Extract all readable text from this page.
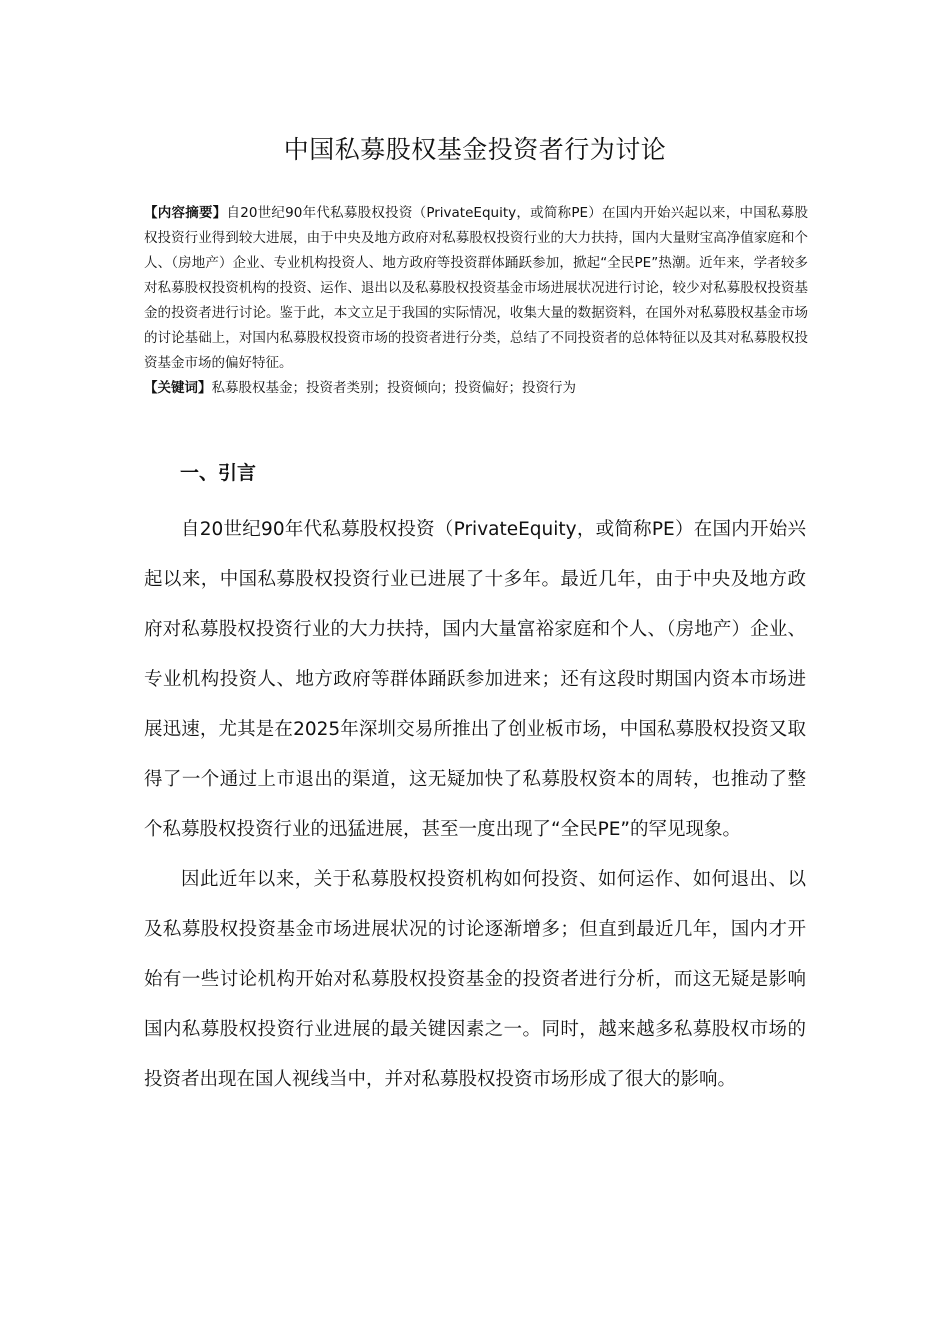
中国私募股权基金投资者行为讨论

【内容摘要】自20世纪90年代私募股权投资（PrivateEquity，或简称PE）在国内开始兴起以来，中国私募股权投资行业得到较大进展，由于中央及地方政府对私募股权投资行业的大力扶持，国内大量财宝高净值家庭和个人、（房地产）企业、专业机构投资人、地方政府等投资群体踊跃参加，掀起“全民PE”热潮。近年来，学者较多对私募股权投资机构的投资、运作、退出以及私募股权投资基金市场进展状况进行讨论，较少对私募股权投资基金的投资者进行讨论。鉴于此，本文立足于我国的实际情况，收集大量的数据资料，在国外对私募股权基金市场的讨论基础上，对国内私募股权投资市场的投资者进行分类，总结了不同投资者的总体特征以及其对私募股权投资基金市场的偏好特征。

【关键词】私募股权基金；投资者类别；投资倾向；投资偏好；投资行为

一、引言

自20世纪90年代私募股权投资（PrivateEquity，或简称PE）在国内开始兴起以来，中国私募股权投资行业已进展了十多年。最近几年，由于中央及地方政府对私募股权投资行业的大力扶持，国内大量富裕家庭和个人、（房地产）企业、专业机构投资人、地方政府等群体踊跃参加进来；还有这段时期国内资本市场进展迅速，尤其是在2025年深圳交易所推出了创业板市场，中国私募股权投资又取得了一个通过上市退出的渠道，这无疑加快了私募股权资本的周转，也推动了整个私募股权投资行业的迅猛进展，甚至一度出现了“全民PE”的罕见现象。

因此近年以来，关于私募股权投资机构如何投资、如何运作、如何退出、以及私募股权投资基金市场进展状况的讨论逐渐增多；但直到最近几年，国内才开始有一些讨论机构开始对私募股权投资基金的投资者进行分析，而这无疑是影响国内私募股权投资行业进展的最关键因素之一。同时，越来越多私募股权市场的投资者出现在国人视线当中，并对私募股权投资市场形成了很大的影响。
